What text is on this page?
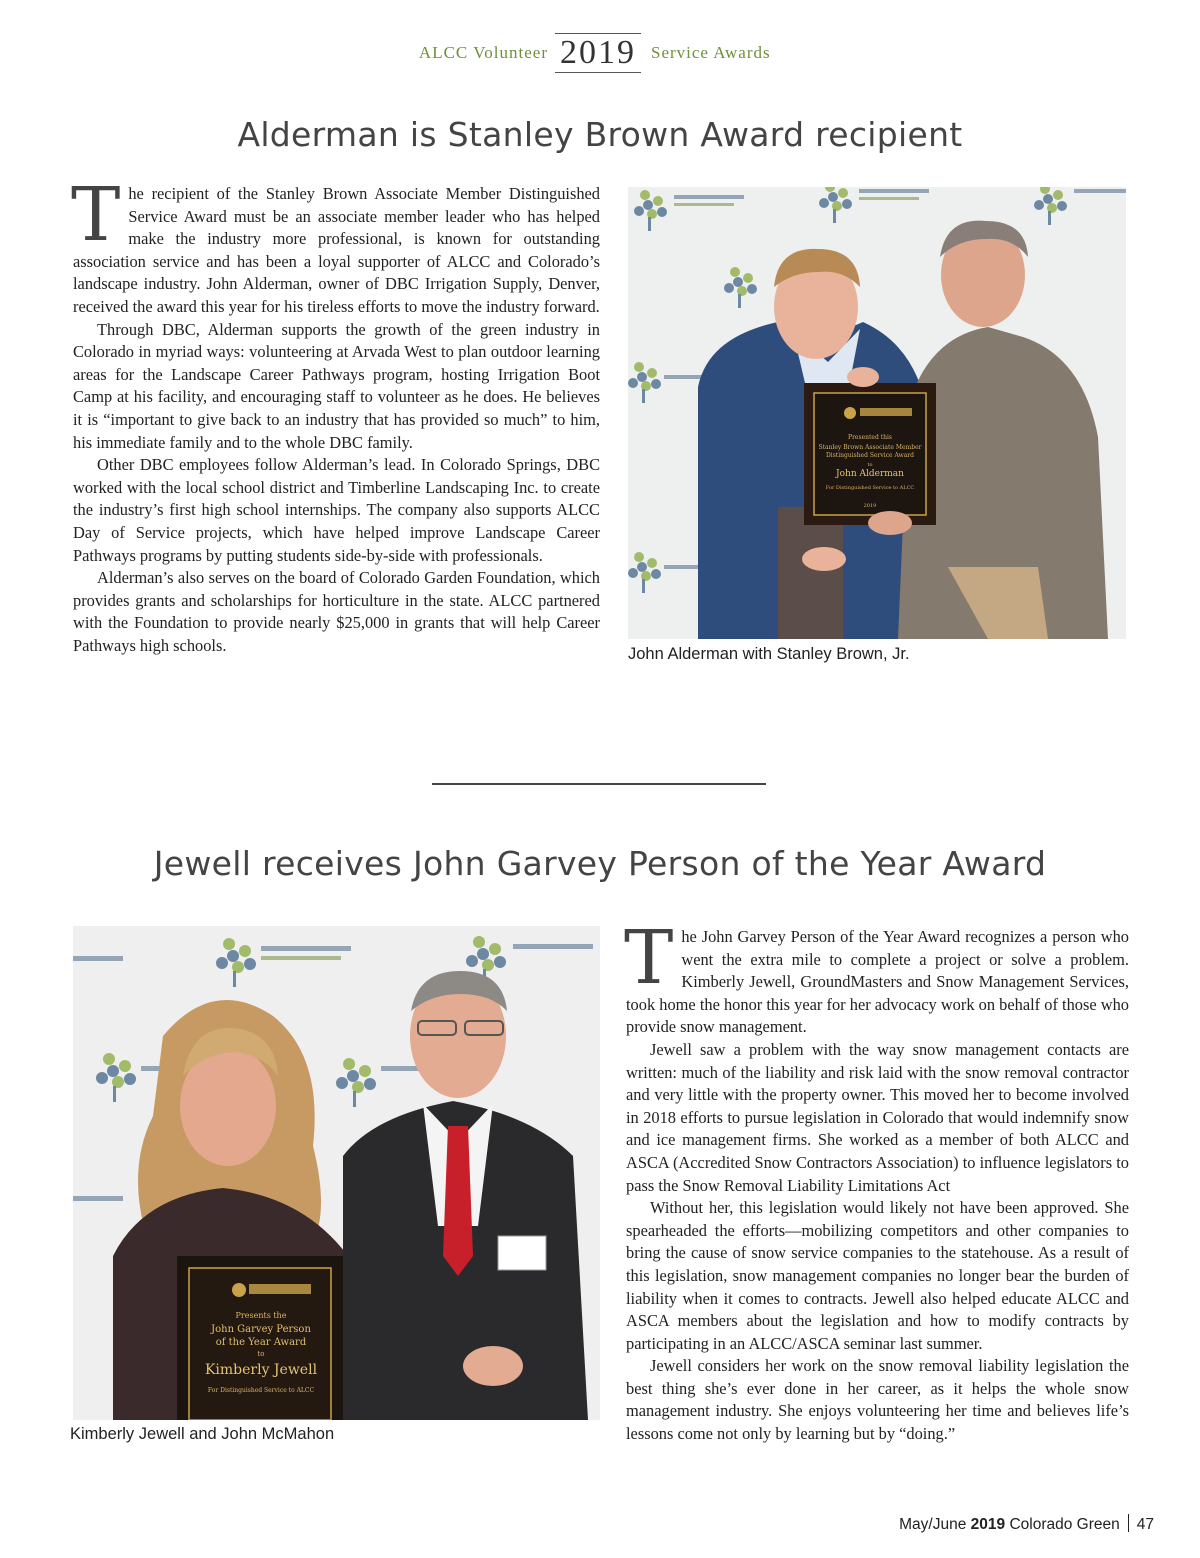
ALCC Volunteer 2019 Service Awards
Alderman is Stanley Brown Award recipient

The recipient of the Stanley Brown Associate Member Distinguished Service Award must be an associate member leader who has helped make the industry more professional, is known for outstanding association service and has been a loyal supporter of ALCC and Colorado’s landscape industry. John Alderman, owner of DBC Irrigation Supply, Denver, received the award this year for his tireless efforts to move the industry forward.

Through DBC, Alderman supports the growth of the green industry in Colorado in myriad ways: volunteering at Arvada West to plan outdoor learning areas for the Landscape Career Pathways program, hosting Irrigation Boot Camp at his facility, and encouraging staff to volunteer as he does. He believes it is “important to give back to an industry that has provided so much” to him, his immediate family and to the whole DBC family.

Other DBC employees follow Alderman’s lead. In Colorado Springs, DBC worked with the local school district and Timberline Landscaping Inc. to create the industry’s first high school internships. The company also supports ALCC Day of Service projects, which have helped improve Landscape Career Pathways programs by putting students side-by-side with professionals.

Alderman’s also serves on the board of Colorado Garden Foundation, which provides grants and scholarships for horticulture in the state. ALCC partnered with the Foundation to provide nearly $25,000 in grants that will help Career Pathways high schools.

Presented this
Stanley Brown Associate Member
Distinguished Service Award
to
John Alderman
For Distinguished Service to ALCC
2019
John Alderman with Stanley Brown, Jr.
Jewell receives John Garvey Person of the Year Award
Presents the
John Garvey Person
of the Year Award
to
Kimberly Jewell
For Distinguished Service to ALCC
Kimberly Jewell and John McMahon

The John Garvey Person of the Year Award recognizes a person who went the extra mile to complete a project or solve a problem. Kimberly Jewell, GroundMasters and Snow Management Services, took home the honor this year for her advocacy work on behalf of those who provide snow management.

Jewell saw a problem with the way snow management contacts are written: much of the liability and risk laid with the snow removal contractor and very little with the property owner. This moved her to become involved in 2018 efforts to pursue legislation in Colorado that would indemnify snow and ice management firms. She worked as a member of both ALCC and ASCA (Accredited Snow Contractors Association) to influence legislators to pass the Snow Removal Liability Limitations Act

Without her, this legislation would likely not have been approved. She spearheaded the efforts—mobilizing competitors and other companies to bring the cause of snow service companies to the statehouse. As a result of this legislation, snow management companies no longer bear the burden of liability when it comes to contracts. Jewell also helped educate ALCC and ASCA members about the legislation and how to modify contracts by participating in an ALCC/ASCA seminar last summer.

Jewell considers her work on the snow removal liability legislation the best thing she’s ever done in her career, as it helps the whole snow management industry. She enjoys volunteering her time and believes life’s lessons come not only by learning but by “doing.”

May/June 2019 Colorado Green 47
